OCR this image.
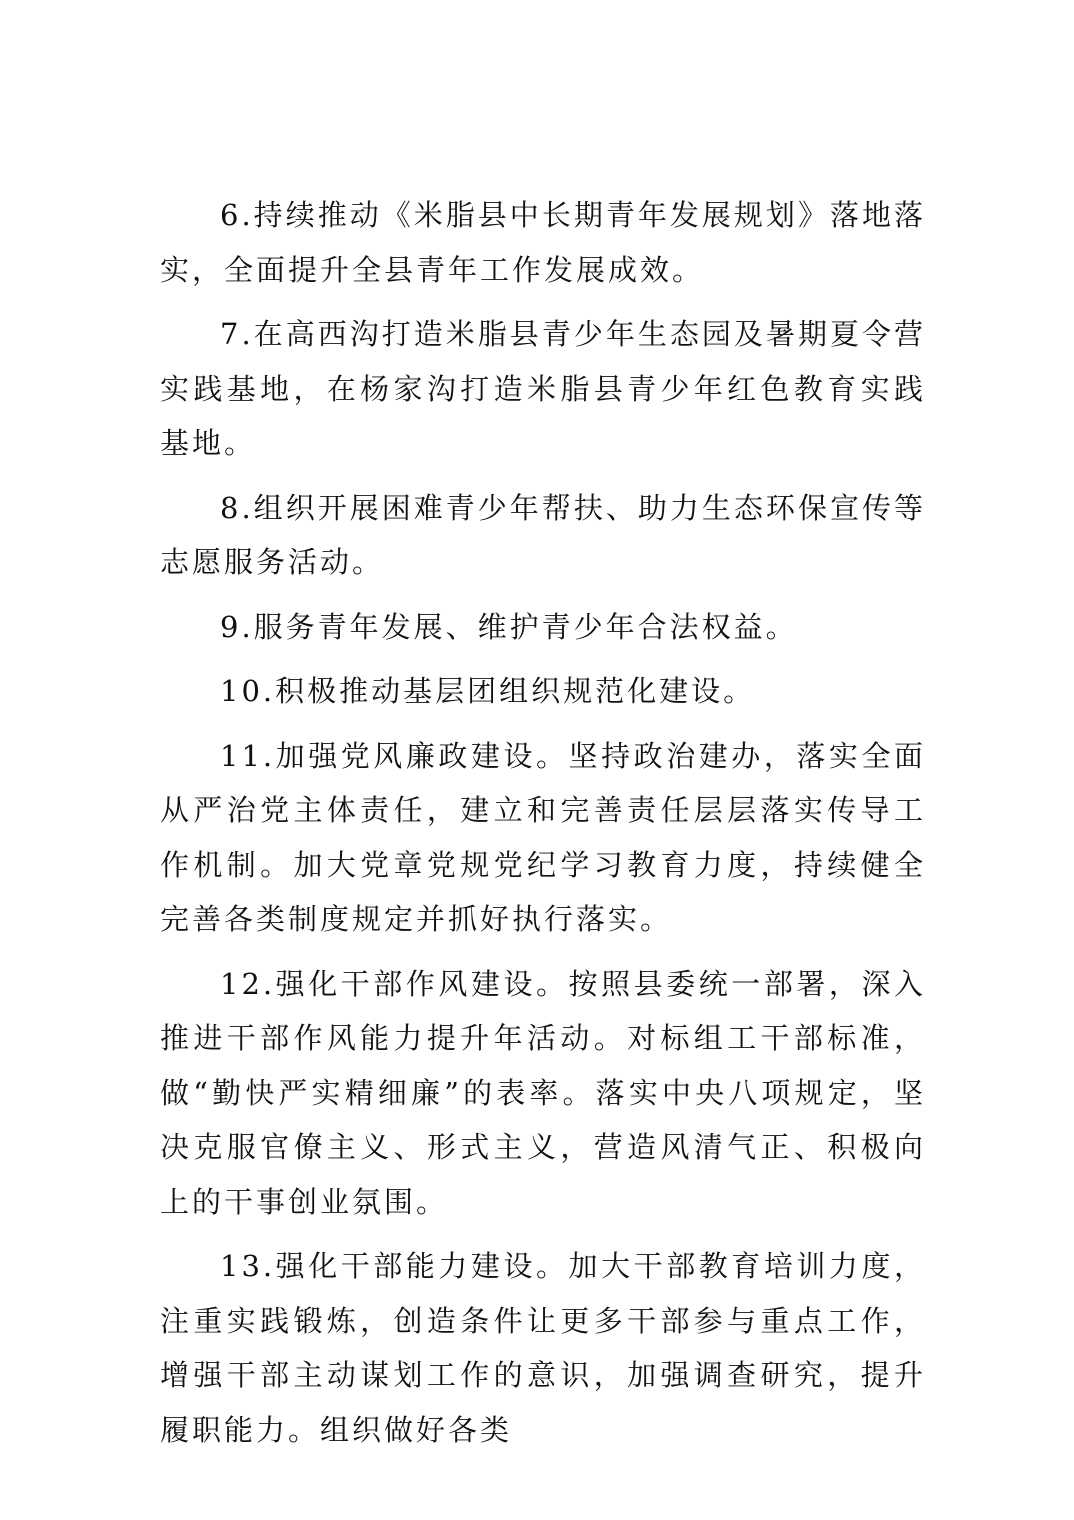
6.持续推动《米脂县中长期青年发展规划》落地落实，全面提升全县青年工作发展成效。

7.在高西沟打造米脂县青少年生态园及暑期夏令营实践基地，在杨家沟打造米脂县青少年红色教育实践基地。

8.组织开展困难青少年帮扶、助力生态环保宣传等志愿服务活动。

9.服务青年发展、维护青少年合法权益。

10.积极推动基层团组织规范化建设。

11.加强党风廉政建设。坚持政治建办，落实全面从严治党主体责任，建立和完善责任层层落实传导工作机制。加大党章党规党纪学习教育力度，持续健全完善各类制度规定并抓好执行落实。

12.强化干部作风建设。按照县委统一部署，深入推进干部作风能力提升年活动。对标组工干部标准，做“勤快严实精细廉”的表率。落实中央八项规定，坚决克服官僚主义、形式主义，营造风清气正、积极向上的干事创业氛围。

13.强化干部能力建设。加大干部教育培训力度，注重实践锻炼，创造条件让更多干部参与重点工作，增强干部主动谋划工作的意识，加强调查研究，提升履职能力。组织做好各类
